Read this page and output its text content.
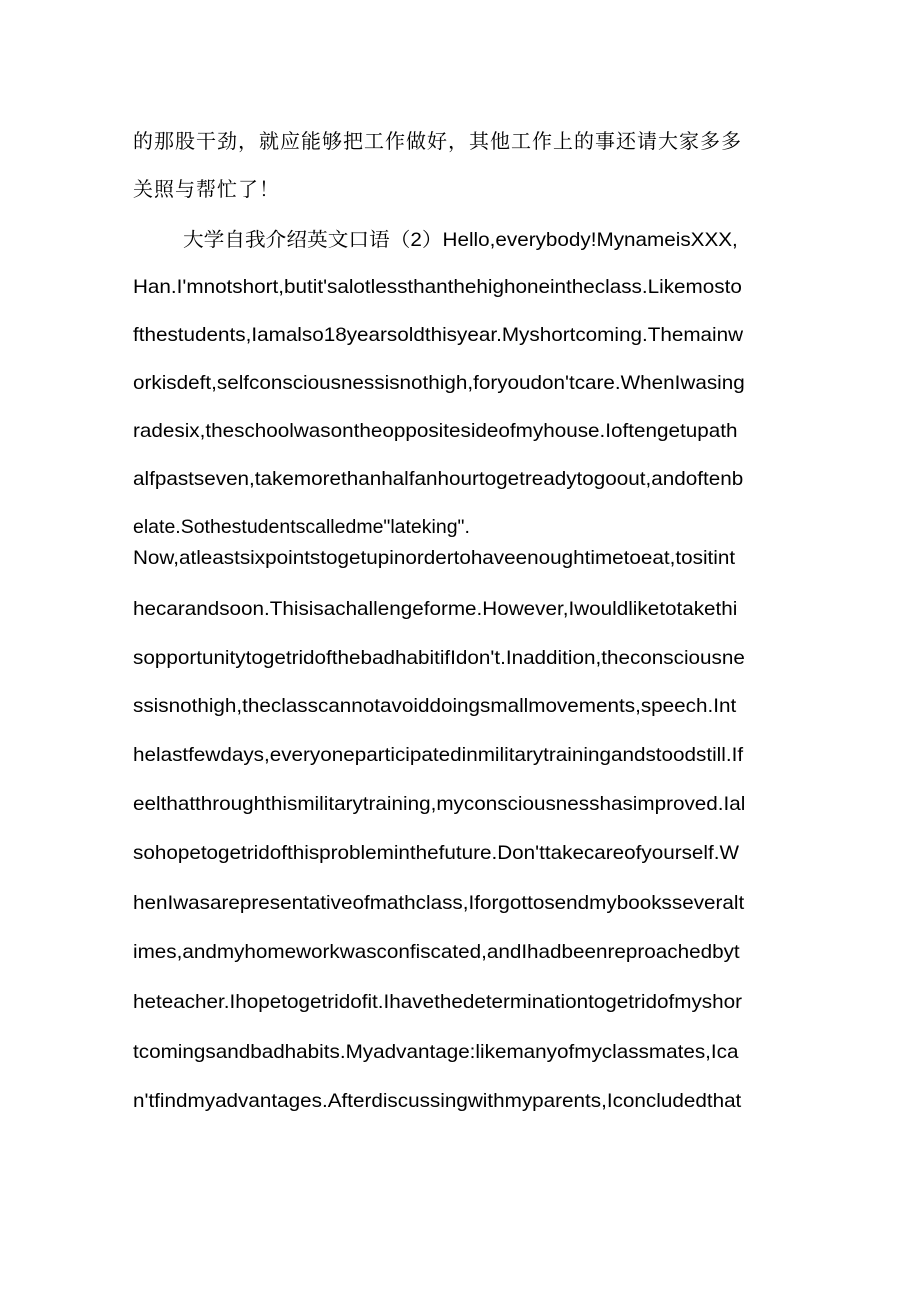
的那股干劲，就应能够把工作做好，其他工作上的事还请大家多多
关照与帮忙了！
大学自我介绍英文口语（2）Hello,everybody!MynameisXXX,
Han.I'mnotshort,butit'salotlessthanthehighoneintheclass.Likemosto
fthestudents,Iamalso18yearsoldthisyear.Myshortcoming.Themainw
orkisdeft,selfconsciousnessisnothigh,foryoudon'tcare.WhenIwasing
radesix,theschoolwasontheoppositesideofmyhouse.Ioftengetupath
alfpastseven,takemorethanhalfanhourtogetreadytogoout,andoftenb
elate.Sothestudentscalledme"lateking".
Now,atleastsixpointstogetupinordertohaveenoughtimetoeat,tositint
hecarandsoon.Thisisachallengeforme.However,Iwouldliketotakethi
sopportunitytogetridofthebadhabitifIdon't.Inaddition,theconsciousne
ssisnothigh,theclasscannotavoiddoingsmallmovements,speech.Int
helastfewdays,everyoneparticipatedinmilitarytrainingandstoodstill.If
eelthatthroughthismilitarytraining,myconsciousnesshasimproved.Ial
sohopetogetridofthisprobleminthefuture.Don'ttakecareofyourself.W
henIwasarepresentativeofmathclass,Iforgottosendmybooksseveralt
imes,andmyhomeworkwasconfiscated,andIhadbeenreproachedbyt
heteacher.Ihopetogetridofit.Ihavethedeterminationtogetridofmyshor
tcomingsandbadhabits.Myadvantage:likemanyofmyclassmates,Ica
n'tfindmyadvantages.Afterdiscussingwithmyparents,Iconcludedthat
